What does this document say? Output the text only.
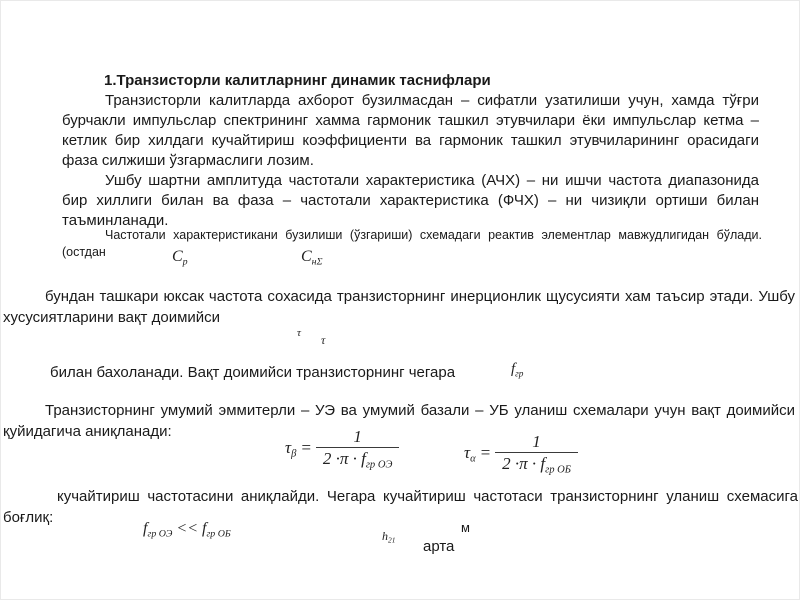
1.Транзисторли калитларнинг динамик таснифлари
Транзисторли калитларда ахборот бузилмасдан – сифатли узатилиши учун, хамда тўғри бурчакли импульслар спектрининг хамма гармоник ташкил этувчилари ёки импульслар кетма – кетлик бир хилдаги кучайтириш коэффициенти ва гармоник ташкил этувчиларининг орасидаги фаза силжиши ўзгармаслиги лозим.
Ушбу шартни амплитуда частотали характеристика (АЧХ) – ни ишчи частота диапазонида бир хиллиги билан ва фаза – частотали характеристика (ФЧХ) – ни чизиқли ортиши билан таъминланади.
Частотали характеристикани бузилиши (ўзгариши) схемадаги реактив элементлар мавжудлигидан бўлади. (остдан	$C_p$	$C_{н\Sigma}$
бундан ташкари юксак частота сохасида транзисторнинг инерционлик щусусияти хам таъсир этади. Ушбу хусусиятларини вақт доимийси
τ τ
билан бахоланади. Вақт доимийси транзисторнинг чегара	$f_{гр}$
Транзисторнинг умумий эммитерли – УЭ ва умумий базали – УБ уланиш схемалари учун вақт доимийси қуйидагича аниқланади:
$\tau_\beta = \frac{1}{2 \cdot\pi \cdot f_{гр ОЭ}}$	$\tau_\alpha = \frac{1}{2 \cdot\pi \cdot f_{гр ОБ}}$
кучайтириш частотасини аниқлайди. Чегара кучайтириш частотаси транзисторнинг уланиш схемасига боғлиқ:
$f_{гр ОЭ} << f_{гр ОБ}$	$h_{21}$
м
арта
